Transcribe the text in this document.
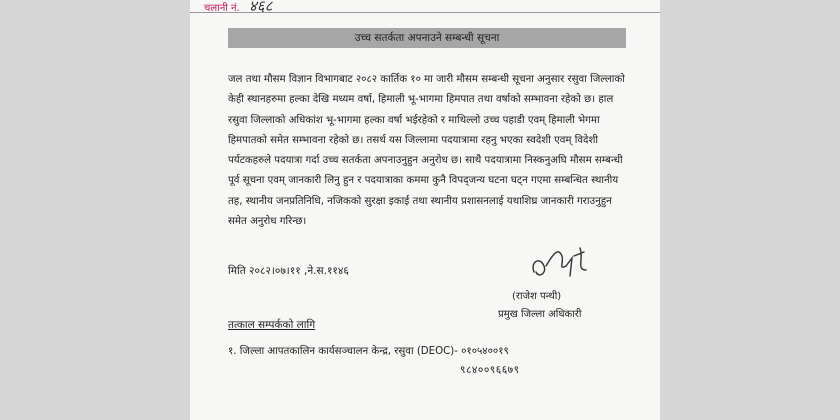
चलानी नं. ४६८
उच्च सतर्कता अपनाउने सम्बन्धी सूचना

जल तथा मौसम विज्ञान विभागबाट २०८२ कार्तिक १० मा जारी मौसम सम्बन्धी सूचना अनुसार रसुवा जिल्लाको केही स्थानहरुमा हल्का देखि मध्यम वर्षा, हिमाली भू-भागमा हिमपात तथा वर्षाको सम्भावना रहेको छ। हाल रसुवा जिल्लाको अधिकांश भू-भागमा हल्का वर्षा भईरहेको र माथिल्लो उच्च पहाडी एवम् हिमाली भेगमा हिमपातको समेत सम्भावना रहेको छ। तसर्थ यस जिल्लामा पदयात्रामा रहनु भएका स्वदेशी एवम् विदेशी पर्यटकहरुले पदयात्रा गर्दा उच्च सतर्कता अपनाउनुहुन अनुरोध छ। साथै पदयात्रामा निस्कनुअघि मौसम सम्बन्धी पूर्व सूचना एवम् जानकारी लिनु हुन र पदयात्राका कममा कुनै विपद्जन्य घटना घट्न गएमा सम्बन्धित स्थानीय तह, स्थानीय जनप्रतिनिधि, नजिकको सुरक्षा इकाई तथा स्थानीय प्रशासनलाई यथाशिघ्र जानकारी गराउनुहुन समेत अनुरोध गरिन्छ।

मिति २०८२।०७।११ ,ने.स.११४६
(राजेश पन्थी)
प्रमुख जिल्ला अधिकारी
तत्काल सम्पर्कको लागि
१. जिल्ला आपतकालिन कार्यसञ्चालन केन्द्र, रसुवा (DEOC)- ०१०५४००१९
९८४००९६६७९
